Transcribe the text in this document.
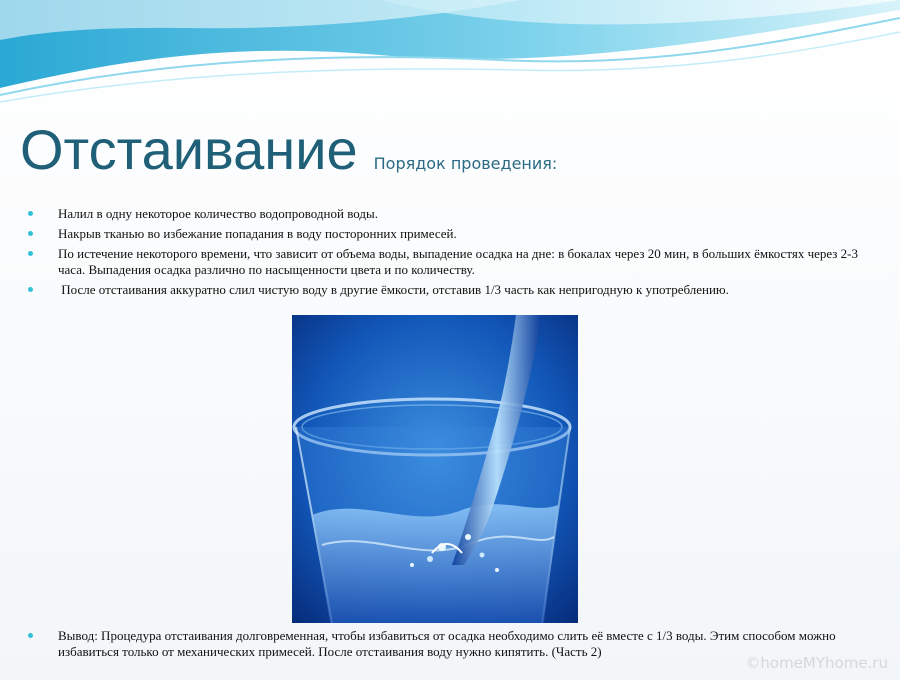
Отстаивание Порядок проведения:
Налил в одну некоторое количество водопроводной воды.
Накрыв тканью во избежание попадания в воду посторонних примесей.
По истечение некоторого времени, что зависит от объема воды, выпадение осадка на дне: в бокалах через 20 мин, в больших ёмкостях через 2-3 часа. Выпадения осадка различно по насыщенности цвета и по количеству.
После отстаивания аккуратно слил чистую воду в другие ёмкости, отставив 1/3 часть как непригодную к употреблению.
Вывод: Процедура отстаивания долговременная, чтобы избавиться от осадка необходимо слить её вместе с 1/3 воды. Этим способом можно избавиться только от механических примесей. После отстаивания воду нужно кипятить. (Часть 2)
©homeMYhome.ru
